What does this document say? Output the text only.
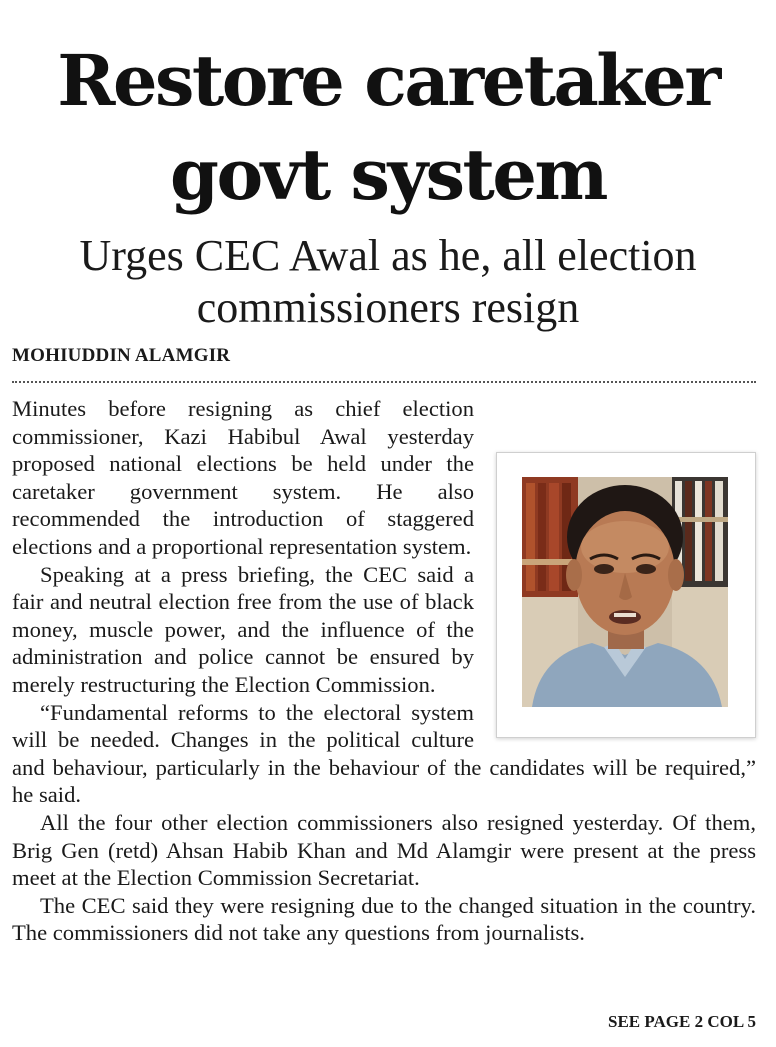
Restore caretaker
govt system
Urges CEC Awal as he, all election
commissioners resign
MOHIUDDIN ALAMGIR

Minutes before resigning as chief election commissioner, Kazi Habibul Awal yesterday proposed national elections be held under the caretaker government system. He also recommended the introduction of staggered elections and a proportional representation system.

Speaking at a press briefing, the CEC said a fair and neutral election free from the use of black money, muscle power, and the influence of the administration and police cannot be ensured by merely restructuring the Election Commission.

“Fundamental reforms to the electoral system will be needed. Changes in the political culture and behaviour, particularly in the behaviour of the candidates will be required,” he said.

All the four other election commissioners also resigned yesterday. Of them, Brig Gen (retd) Ahsan Habib Khan and Md Alamgir were present at the press meet at the Election Commission Secretariat.

The CEC said they were resigning due to the changed situation in the country. The commissioners did not take any questions from journalists.

SEE PAGE 2 COL 5
